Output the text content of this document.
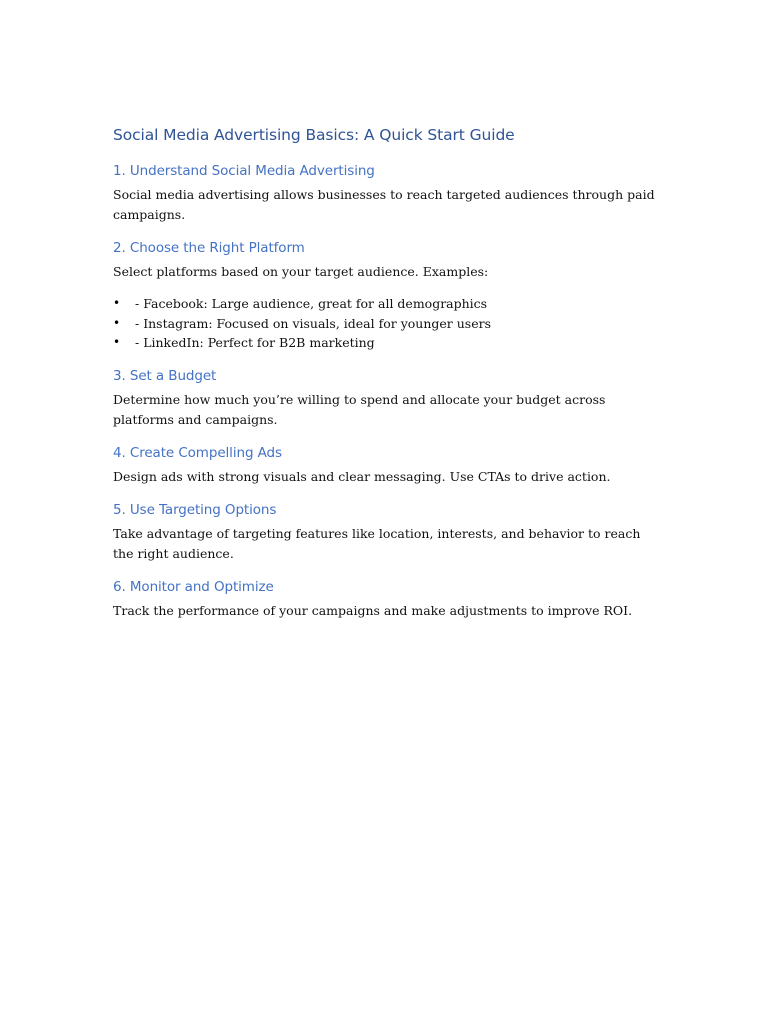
Social Media Advertising Basics: A Quick Start Guide
1. Understand Social Media Advertising

Social media advertising allows businesses to reach targeted audiences through paid campaigns.

2. Choose the Right Platform

Select platforms based on your target audience. Examples:

• - Facebook: Large audience, great for all demographics
• - Instagram: Focused on visuals, ideal for younger users
• - LinkedIn: Perfect for B2B marketing
3. Set a Budget

Determine how much you’re willing to spend and allocate your budget across platforms and campaigns.

4. Create Compelling Ads

Design ads with strong visuals and clear messaging. Use CTAs to drive action.

5. Use Targeting Options

Take advantage of targeting features like location, interests, and behavior to reach the right audience.

6. Monitor and Optimize

Track the performance of your campaigns and make adjustments to improve ROI.
